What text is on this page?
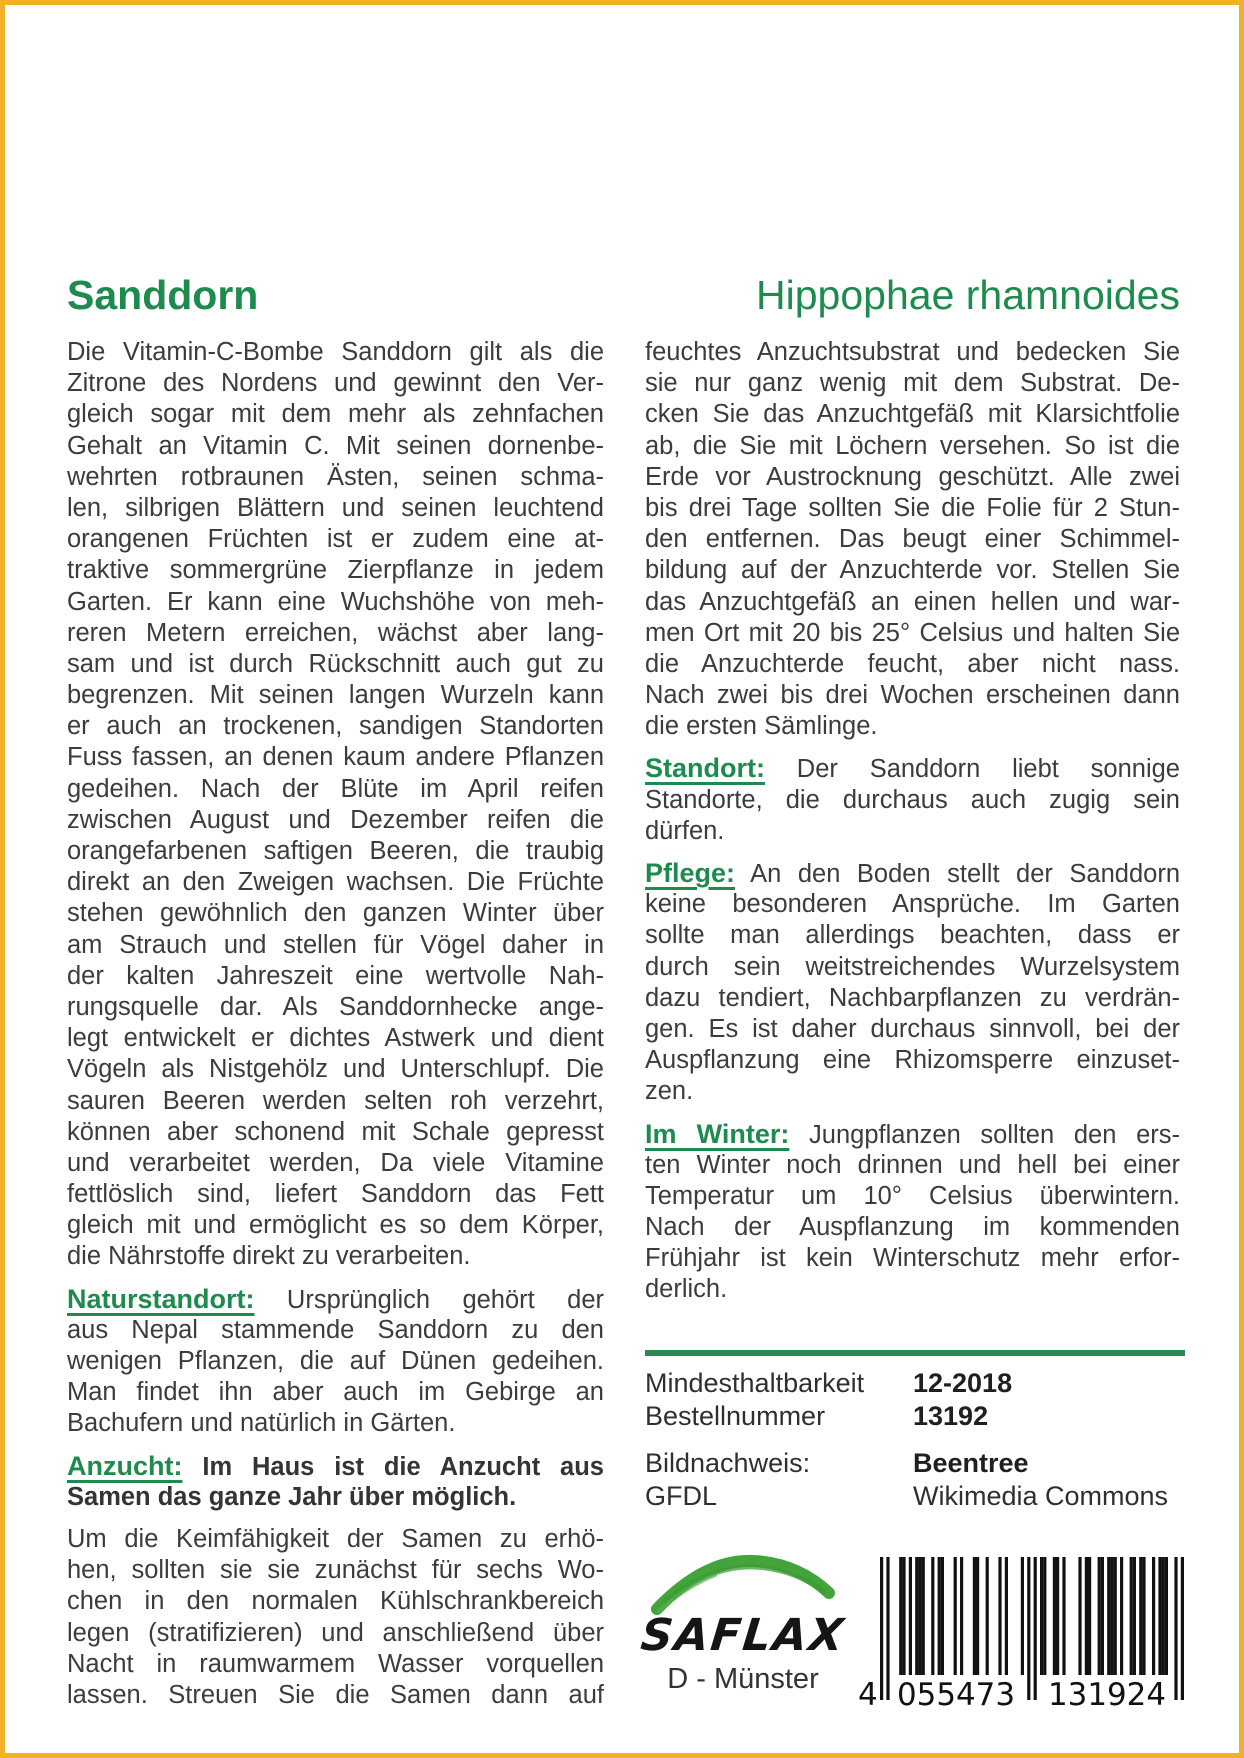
Sanddorn	Hippophae rhamnoides
Die Vitamin-C-Bombe Sanddorn gilt als die
Zitrone des Nordens und gewinnt den Ver-
gleich sogar mit dem mehr als zehnfachen
Gehalt an Vitamin C. Mit seinen dornenbe-
wehrten rotbraunen Ästen, seinen schma-
len, silbrigen Blättern und seinen leuchtend
orangenen Früchten ist er zudem eine at-
traktive sommergrüne Zierpflanze in jedem
Garten. Er kann eine Wuchshöhe von meh-
reren Metern erreichen, wächst aber lang-
sam und ist durch Rückschnitt auch gut zu
begrenzen. Mit seinen langen Wurzeln kann
er auch an trockenen, sandigen Standorten
Fuss fassen, an denen kaum andere Pflanzen
gedeihen. Nach der Blüte im April reifen
zwischen August und Dezember reifen die
orangefarbenen saftigen Beeren, die traubig
direkt an den Zweigen wachsen. Die Früchte
stehen gewöhnlich den ganzen Winter über
am Strauch und stellen für Vögel daher in
der kalten Jahreszeit eine wertvolle Nah-
rungsquelle dar. Als Sanddornhecke ange-
legt entwickelt er dichtes Astwerk und dient
Vögeln als Nistgehölz und Unterschlupf. Die
sauren Beeren werden selten roh verzehrt,
können aber schonend mit Schale gepresst
und verarbeitet werden, Da viele Vitamine
fettlöslich sind, liefert Sanddorn das Fett
gleich mit und ermöglicht es so dem Körper,
die Nährstoffe direkt zu verarbeiten.
Naturstandort: Ursprünglich gehört der
aus Nepal stammende Sanddorn zu den
wenigen Pflanzen, die auf Dünen gedeihen.
Man findet ihn aber auch im Gebirge an
Bachufern und natürlich in Gärten.
Anzucht: Im Haus ist die Anzucht aus
Samen das ganze Jahr über möglich.
Um die Keimfähigkeit der Samen zu erhö-
hen, sollten sie sie zunächst für sechs Wo-
chen in den normalen Kühlschrankbereich
legen (stratifizieren) und anschließend über
Nacht in raumwarmem Wasser vorquellen
lassen. Streuen Sie die Samen dann auf
feuchtes Anzuchtsubstrat und bedecken Sie
sie nur ganz wenig mit dem Substrat. De-
cken Sie das Anzuchtgefäß mit Klarsichtfolie
ab, die Sie mit Löchern versehen. So ist die
Erde vor Austrocknung geschützt. Alle zwei
bis drei Tage sollten Sie die Folie für 2 Stun-
den entfernen. Das beugt einer Schimmel-
bildung auf der Anzuchterde vor. Stellen Sie
das Anzuchtgefäß an einen hellen und war-
men Ort mit 20 bis 25° Celsius und halten Sie
die Anzuchterde feucht, aber nicht nass.
Nach zwei bis drei Wochen erscheinen dann
die ersten Sämlinge.
Standort: Der Sanddorn liebt sonnige
Standorte, die durchaus auch zugig sein
dürfen.
Pflege: An den Boden stellt der Sanddorn
keine besonderen Ansprüche. Im Garten
sollte man allerdings beachten, dass er
durch sein weitstreichendes Wurzelsystem
dazu tendiert, Nachbarpflanzen zu verdrän-
gen. Es ist daher durchaus sinnvoll, bei der
Auspflanzung eine Rhizomsperre einzuset-
zen.
Im Winter: Jungpflanzen sollten den ers-
ten Winter noch drinnen und hell bei einer
Temperatur um 10° Celsius überwintern.
Nach der Auspflanzung im kommenden
Frühjahr ist kein Winterschutz mehr erfor-
derlich.
Mindesthaltbarkeit	12-2018
Bestellnummer	13192
Bildnachweis:	Beentree
GFDL	Wikimedia Commons
SAFLAX
D - Münster	4 055473 131924
